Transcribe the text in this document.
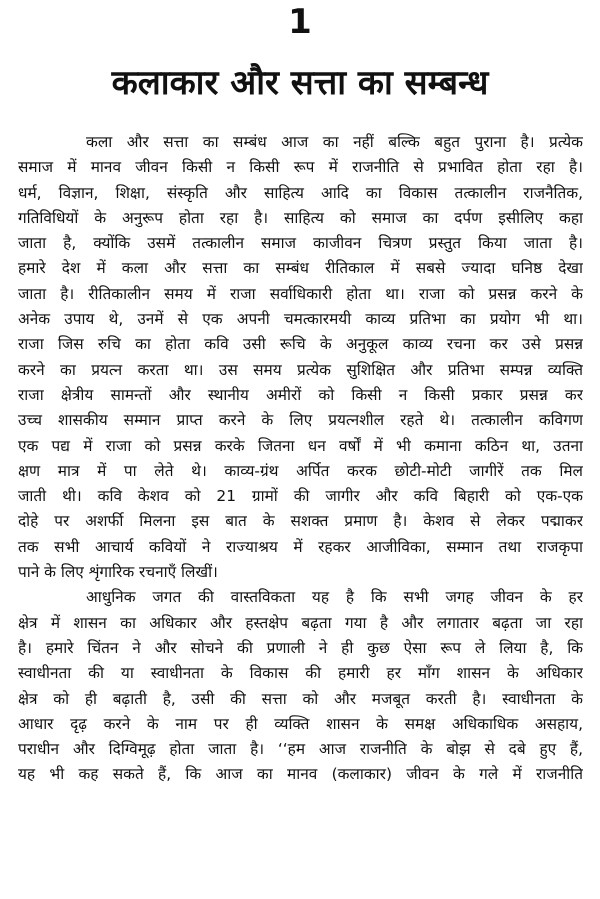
1
कलाकार और सत्ता का सम्बन्ध
कला और सत्ता का सम्बंध आज का नहीं बल्कि बहुत पुराना है। प्रत्येक
समाज में मानव जीवन किसी न किसी रूप में राजनीति से प्रभावित होता रहा है।
धर्म, विज्ञान, शिक्षा, संस्कृति और साहित्य आदि का विकास तत्कालीन राजनैतिक,
गतिविधियों के अनुरूप होता रहा है। साहित्य को समाज का दर्पण इसीलिए कहा
जाता है, क्योंकि उसमें तत्कालीन समाज काजीवन चित्रण प्रस्तुत किया जाता है।
हमारे देश में कला और सत्ता का सम्बंध रीतिकाल में सबसे ज्यादा घनिष्ठ देखा
जाता है। रीतिकालीन समय में राजा सर्वाधिकारी होता था। राजा को प्रसन्न करने के
अनेक उपाय थे, उनमें से एक अपनी चमत्कारमयी काव्य प्रतिभा का प्रयोग भी था।
राजा जिस रुचि का होता कवि उसी रूचि के अनुकूल काव्य रचना कर उसे प्रसन्न
करने का प्रयत्न करता था। उस समय प्रत्येक सुशिक्षित और प्रतिभा सम्पन्न व्यक्ति
राजा क्षेत्रीय सामन्तों और स्थानीय अमीरों को किसी न किसी प्रकार प्रसन्न कर
उच्च शासकीय सम्मान प्राप्त करने के लिए प्रयत्नशील रहते थे। तत्कालीन कविगण
एक पद्य में राजा को प्रसन्न करके जितना धन वर्षों में भी कमाना कठिन था, उतना
क्षण मात्र में पा लेते थे। काव्य-ग्रंथ अर्पित करक छोटी-मोटी जागीरें तक मिल
जाती थी। कवि केशव को 21 ग्रामों की जागीर और कवि बिहारी को एक-एक
दोहे पर अशर्फी मिलना इस बात के सशक्त प्रमाण है। केशव से लेकर पद्माकर
तक सभी आचार्य कवियों ने राज्याश्रय में रहकर आजीविका, सम्मान तथा राजकृपा
पाने के लिए शृंगारिक रचनाएँ लिखीं।
आधुनिक जगत की वास्तविकता यह है कि सभी जगह जीवन के हर
क्षेत्र में शासन का अधिकार और हस्तक्षेप बढ़ता गया है और लगातार बढ़ता जा रहा
है। हमारे चिंतन ने और सोचने की प्रणाली ने ही कुछ ऐसा रूप ले लिया है, कि
स्वाधीनता की या स्वाधीनता के विकास की हमारी हर माँग शासन के अधिकार
क्षेत्र को ही बढ़ाती है, उसी की सत्ता को और मजबूत करती है। स्वाधीनता के
आधार दृढ़ करने के नाम पर ही व्यक्ति शासन के समक्ष अधिकाधिक असहाय,
पराधीन और दिग्विमूढ़ होता जाता है। ‘‘हम आज राजनीति के बोझ से दबे हुए हैं,
यह भी कह सकते हैं, कि आज का मानव (कलाकार) जीवन के गले में राजनीति
